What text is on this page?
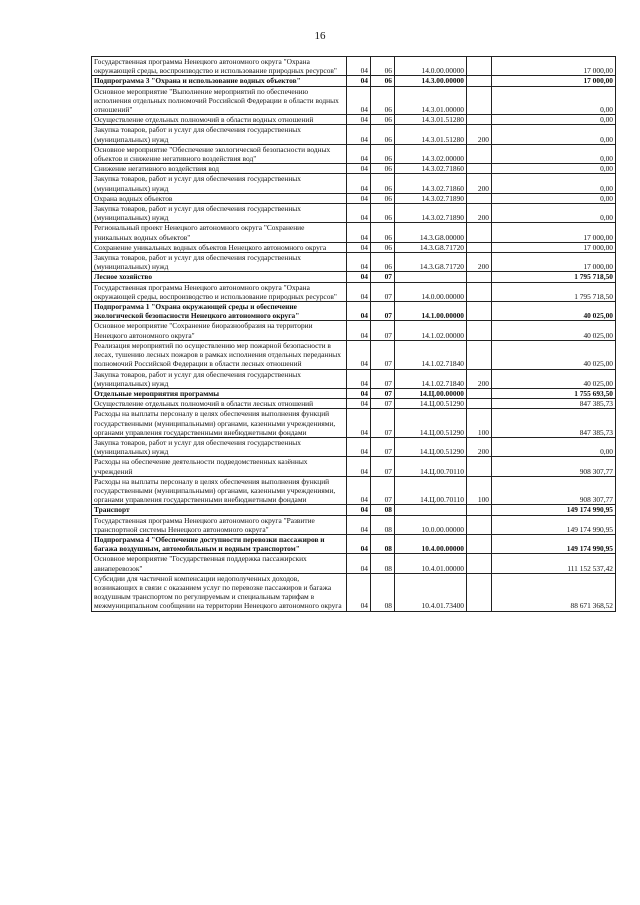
16
Государственная программа Ненецкого автономного округа "Охрана окружающей среды, воспроизводство и использование природных ресурсов"	04	06	14.0.00.00000		17 000,00
Подпрограмма 3 "Охрана и использование водных объектов"	04	06	14.3.00.00000		17 000,00
Основное мероприятие "Выполнение мероприятий по обеспечению исполнения отдельных полномочий Российской Федерации в области водных отношений"	04	06	14.3.01.00000		0,00
Осуществление отдельных полномочий в области водных отношений	04	06	14.3.01.51280		0,00
Закупка товаров, работ и услуг для обеспечения государственных (муниципальных) нужд	04	06	14.3.01.51280	200	0,00
Основное мероприятие "Обеспечение экологической безопасности водных объектов и снижение негативного воздействия вод"	04	06	14.3.02.00000		0,00
Снижение негативного воздействия вод	04	06	14.3.02.71860		0,00
Закупка товаров, работ и услуг для обеспечения государственных (муниципальных) нужд	04	06	14.3.02.71860	200	0,00
Охрана водных объектов	04	06	14.3.02.71890		0,00
Закупка товаров, работ и услуг для обеспечения государственных (муниципальных) нужд	04	06	14.3.02.71890	200	0,00
Региональный проект Ненецкого автономного округа "Сохранение уникальных водных объектов"	04	06	14.3.G8.00000		17 000,00
Сохранение уникальных водных объектов Ненецкого автономного округа	04	06	14.3.G8.71720		17 000,00
Закупка товаров, работ и услуг для обеспечения государственных (муниципальных) нужд	04	06	14.3.G8.71720	200	17 000,00
Лесное хозяйство	04	07			1 795 718,50
Государственная программа Ненецкого автономного округа "Охрана окружающей среды, воспроизводство и использование природных ресурсов"	04	07	14.0.00.00000		1 795 718,50
Подпрограмма 1 "Охрана окружающей среды и обеспечение экологической безопасности Ненецкого автономного округа"	04	07	14.1.00.00000		40 025,00
Основное мероприятие "Сохранение биоразнообразия на территории Ненецкого автономного округа"	04	07	14.1.02.00000		40 025,00
Реализация мероприятий по осуществлению мер пожарной безопасности в лесах, тушению лесных пожаров в рамках исполнения отдельных переданных полномочий Российской Федерации в области лесных отношений	04	07	14.1.02.71840		40 025,00
Закупка товаров, работ и услуг для обеспечения государственных (муниципальных) нужд	04	07	14.1.02.71840	200	40 025,00
Отдельные мероприятия программы	04	07	14.Ц.00.00000		1 755 693,50
Осуществление отдельных полномочий в области лесных отношений	04	07	14.Ц.00.51290		847 385,73
Расходы на выплаты персоналу в целях обеспечения выполнения функций государственными (муниципальными) органами, казенными учреждениями, органами управления государственными внебюджетными фондами	04	07	14.Ц.00.51290	100	847 385,73
Закупка товаров, работ и услуг для обеспечения государственных (муниципальных) нужд	04	07	14.Ц.00.51290	200	0,00
Расходы на обеспечение деятельности подведомственных казённых учреждений	04	07	14.Ц.00.70110		908 307,77
Расходы на выплаты персоналу в целях обеспечения выполнения функций государственными (муниципальными) органами, казенными учреждениями, органами управления государственными внебюджетными фондами	04	07	14.Ц.00.70110	100	908 307,77
Транспорт	04	08			149 174 990,95
Государственная программа Ненецкого автономного округа "Развитие транспортной системы Ненецкого автономного округа"	04	08	10.0.00.00000		149 174 990,95
Подпрограмма 4 "Обеспечение доступности перевозки пассажиров и багажа воздушным, автомобильным и водным транспортом"	04	08	10.4.00.00000		149 174 990,95
Основное мероприятие "Государственная поддержка пассажирских авиаперевозок"	04	08	10.4.01.00000		111 152 537,42
Субсидии для частичной компенсации недополученных доходов, возникающих в связи с оказанием услуг по перевозке пассажиров и багажа воздушным транспортом по регулируемым и специальным тарифам в межмуниципальном сообщении на территории Ненецкого автономного округа	04	08	10.4.01.73400		88 671 368,52
